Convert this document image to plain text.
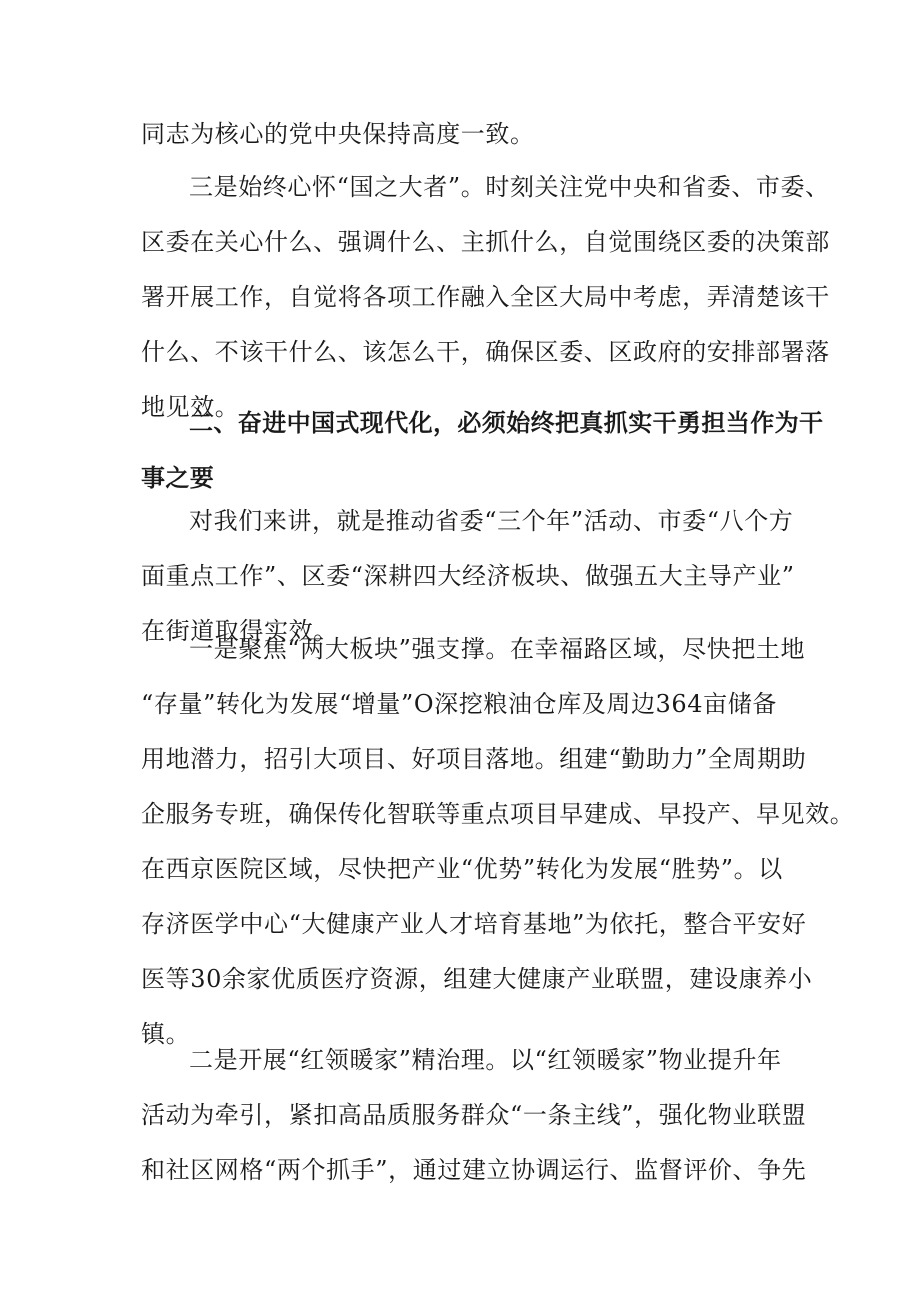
同志为核心的党中央保持高度一致。
三是始终心怀“国之大者”。时刻关注党中央和省委、市委、
区委在关心什么、强调什么、主抓什么，自觉围绕区委的决策部
署开展工作，自觉将各项工作融入全区大局中考虑，弄清楚该干
什么、不该干什么、该怎么干，确保区委、区政府的安排部署落
地见效。
二、奋进中国式现代化，必须始终把真抓实干勇担当作为干
事之要
对我们来讲，就是推动省委“三个年”活动、市委“八个方
面重点工作”、区委“深耕四大经济板块、做强五大主导产业”
在街道取得实效。
一是聚焦“两大板块”强支撑。在幸福路区域，尽快把土地
“存量”转化为发展“增量”O深挖粮油仓库及周边364亩储备
用地潜力，招引大项目、好项目落地。组建“勤助力”全周期助
企服务专班，确保传化智联等重点项目早建成、早投产、早见效。
在西京医院区域，尽快把产业“优势”转化为发展“胜势”。以
存济医学中心“大健康产业人才培育基地”为依托，整合平安好
医等30余家优质医疗资源，组建大健康产业联盟，建设康养小
镇。
二是开展“红领暖家”精治理。以“红领暖家”物业提升年
活动为牵引，紧扣高品质服务群众“一条主线”，强化物业联盟
和社区网格“两个抓手”，通过建立协调运行、监督评价、争先
